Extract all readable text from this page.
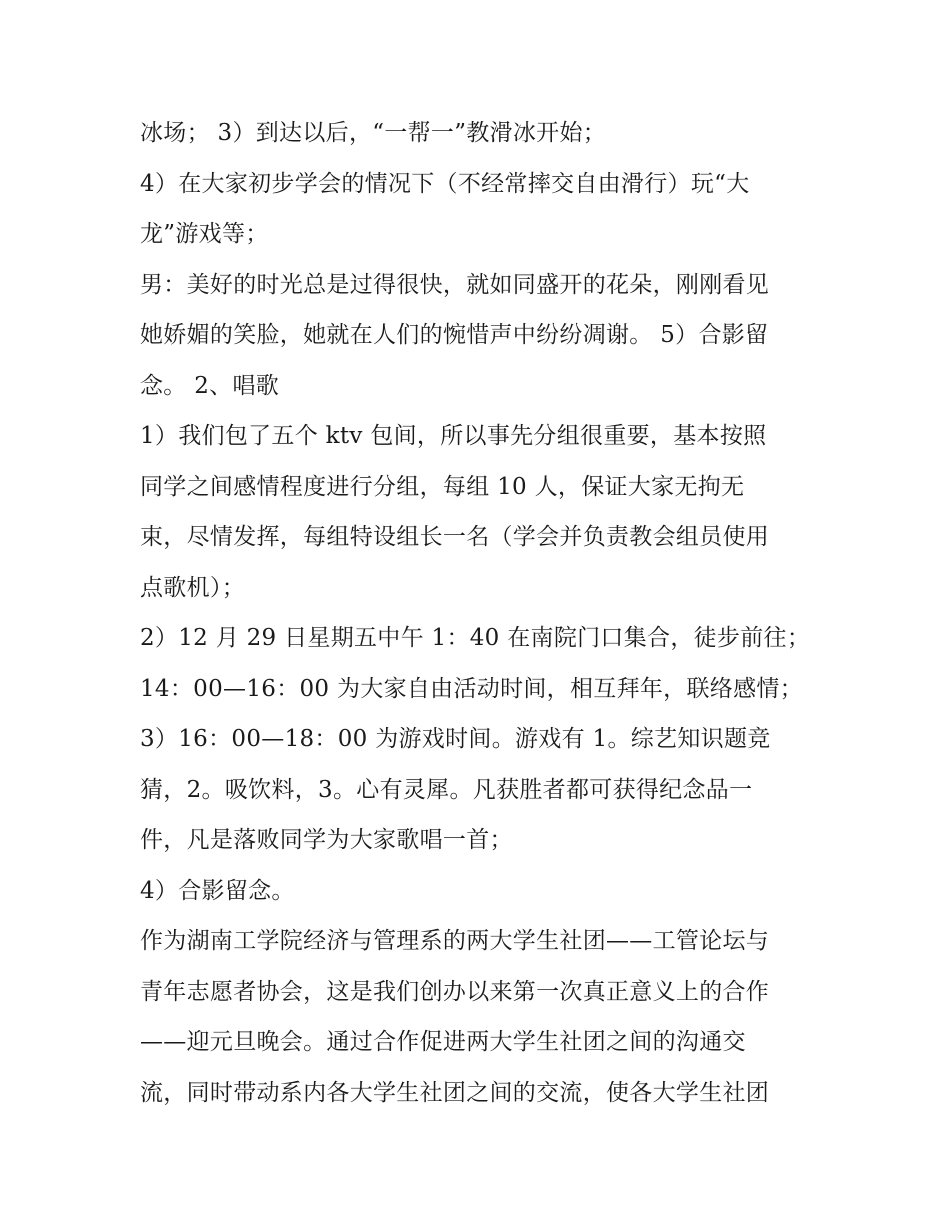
冰场； 3）到达以后，“一帮一”教滑冰开始；
4）在大家初步学会的情况下（不经常摔交自由滑行）玩“大
龙”游戏等；
男：美好的时光总是过得很快，就如同盛开的花朵，刚刚看见
她娇媚的笑脸，她就在人们的惋惜声中纷纷凋谢。 5）合影留
念。 2、唱歌
1）我们包了五个 ktv 包间，所以事先分组很重要，基本按照
同学之间感情程度进行分组，每组 10 人，保证大家无拘无
束，尽情发挥，每组特设组长一名（学会并负责教会组员使用
点歌机）；
2）12 月 29 日星期五中午 1：40 在南院门口集合，徒步前往；
14：00—16：00 为大家自由活动时间，相互拜年，联络感情；
3）16：00—18：00 为游戏时间。游戏有 1。综艺知识题竞
猜，2。吸饮料，3。心有灵犀。凡获胜者都可获得纪念品一
件，凡是落败同学为大家歌唱一首；
4）合影留念。
作为湖南工学院经济与管理系的两大学生社团——工管论坛与
青年志愿者协会，这是我们创办以来第一次真正意义上的合作
——迎元旦晚会。通过合作促进两大学生社团之间的沟通交
流，同时带动系内各大学生社团之间的交流，使各大学生社团
